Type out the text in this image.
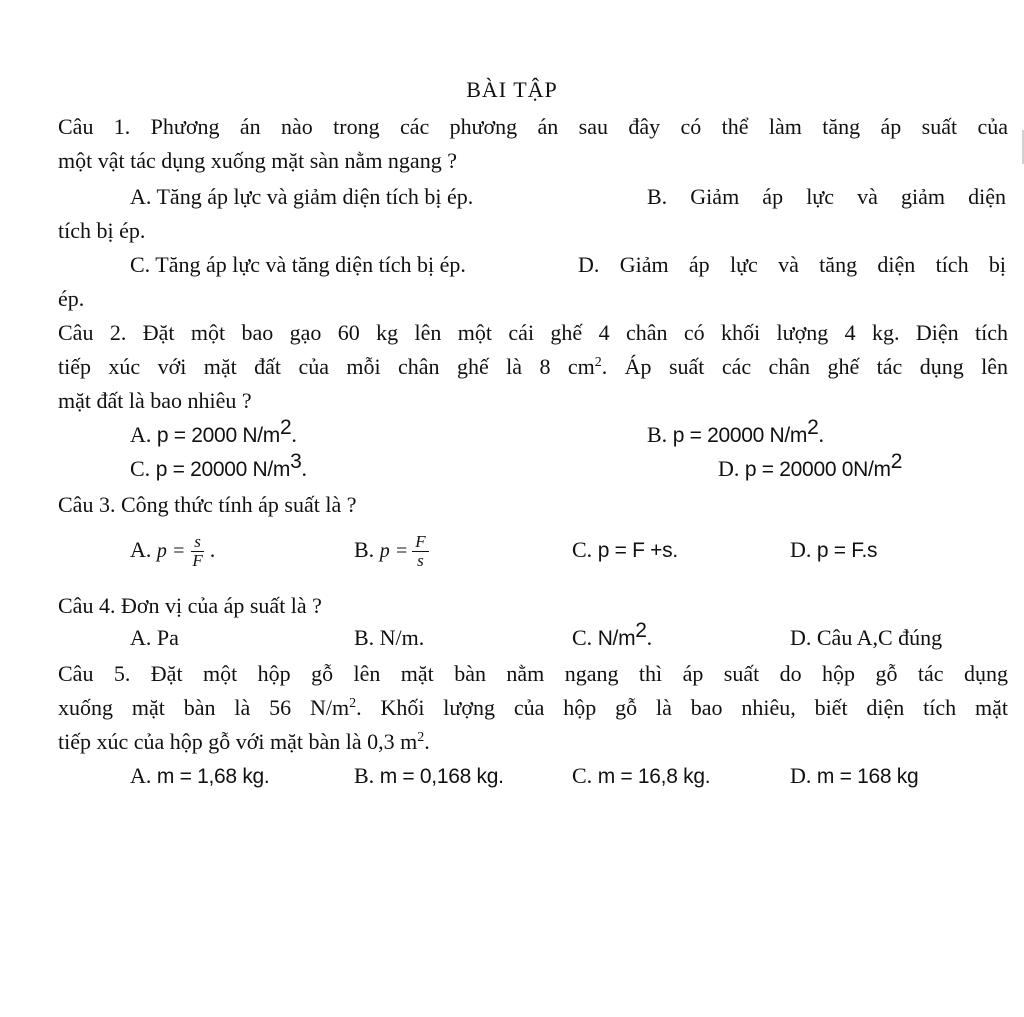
BÀI TẬP
Câu 1. Phương án nào trong các phương án sau đây có thể làm tăng áp suất của
một vật tác dụng xuống mặt sàn nằm ngang ?
A. Tăng áp lực và giảm diện tích bị ép.	B. Giảm áp lực và giảm diện
tích bị ép.
C. Tăng áp lực và tăng diện tích bị ép.	D. Giảm áp lực và tăng diện tích bị
ép.
Câu 2. Đặt một bao gạo 60 kg lên một cái ghế 4 chân có khối lượng 4 kg. Diện tích
tiếp xúc với mặt đất của mỗi chân ghế là 8 $cm^2$. Áp suất các chân ghế tác dụng lên
mặt đất là bao nhiêu ?
A. p = 2000 $N/m^2$.	B. p = 20000 $N/m^2$.
C. p = 20000 $N/m^3$.	D. p = 20000 $0N/m^2$
Câu 3. Công thức tính áp suất là ?
A. $p = \frac{s}{F}$ .	B. $p = \frac{F}{s}$	C. p = F +s.	D. p = F.s
Câu 4. Đơn vị của áp suất là ?
A. Pa	B. N/m.	C. $N/m^2$.	D. Câu A,C đúng
Câu 5. Đặt một hộp gỗ lên mặt bàn nằm ngang thì áp suất do hộp gỗ tác dụng
xuống mặt bàn là 56 $N/m^2$. Khối lượng của hộp gỗ là bao nhiêu, biết diện tích mặt
tiếp xúc của hộp gỗ với mặt bàn là 0,3 $m^2$.
A. m = 1,68 kg.	B. m = 0,168 kg.	C. m = 16,8 kg.	D. m = 168 kg
